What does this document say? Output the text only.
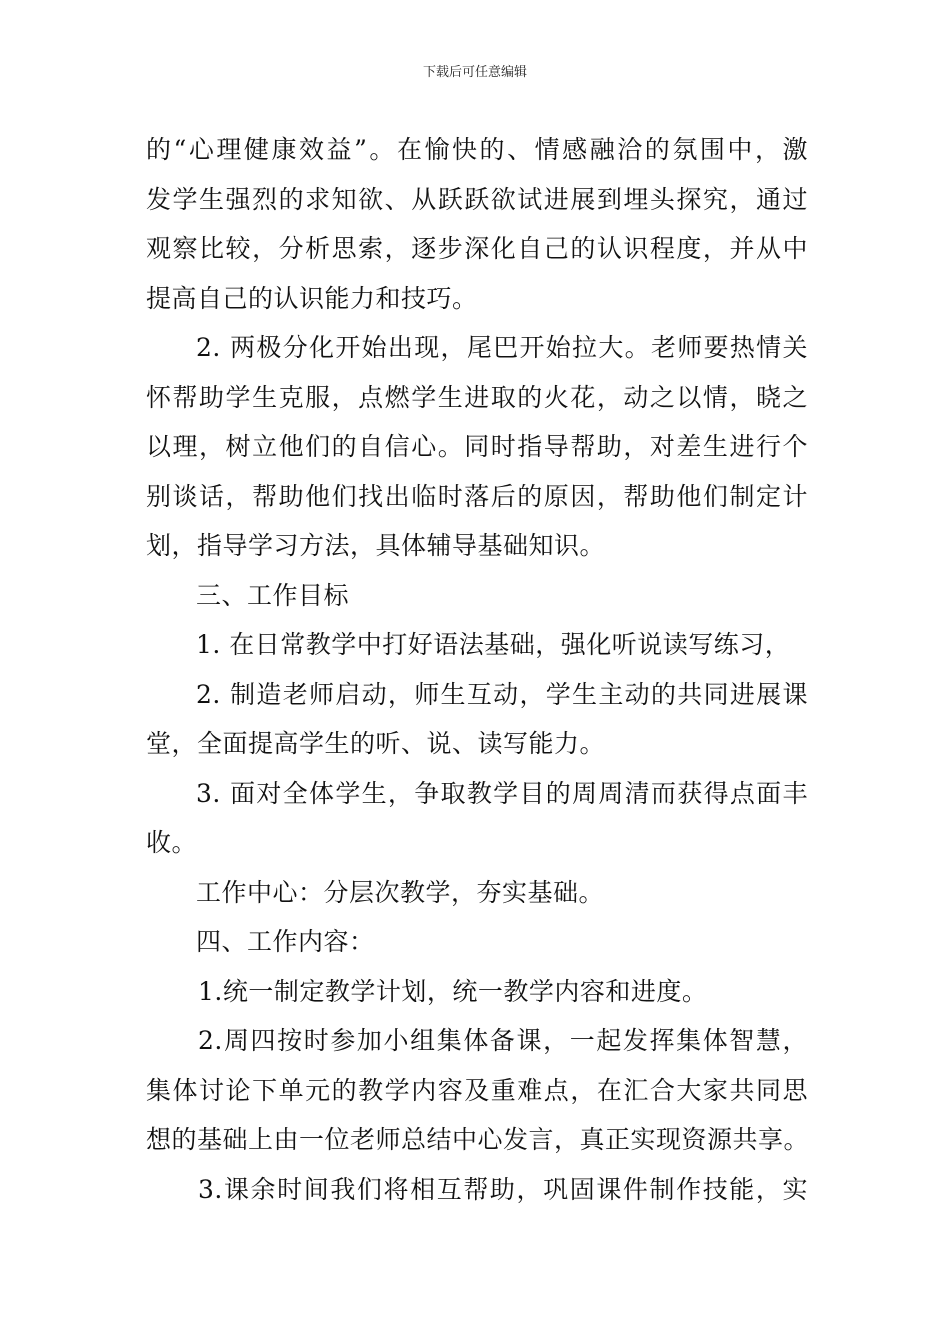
下载后可任意编辑
的“心理健康效益”。在愉快的、情感融洽的氛围中，激
发学生强烈的求知欲、从跃跃欲试进展到埋头探究，通过
观察比较，分析思索，逐步深化自己的认识程度，并从中
提高自己的认识能力和技巧。
2. 两极分化开始出现，尾巴开始拉大。老师要热情关
怀帮助学生克服，点燃学生进取的火花，动之以情，晓之
以理，树立他们的自信心。同时指导帮助，对差生进行个
别谈话，帮助他们找出临时落后的原因，帮助他们制定计
划，指导学习方法，具体辅导基础知识。
三、工作目标
1. 在日常教学中打好语法基础，强化听说读写练习，
2. 制造老师启动，师生互动，学生主动的共同进展课
堂，全面提高学生的听、说、读写能力。
3. 面对全体学生，争取教学目的周周清而获得点面丰
收。
工作中心：分层次教学，夯实基础。
四、工作内容：
1.统一制定教学计划，统一教学内容和进度。
2.周四按时参加小组集体备课，一起发挥集体智慧，
集体讨论下单元的教学内容及重难点，在汇合大家共同思
想的基础上由一位老师总结中心发言，真正实现资源共享。
3.课余时间我们将相互帮助，巩固课件制作技能，实
